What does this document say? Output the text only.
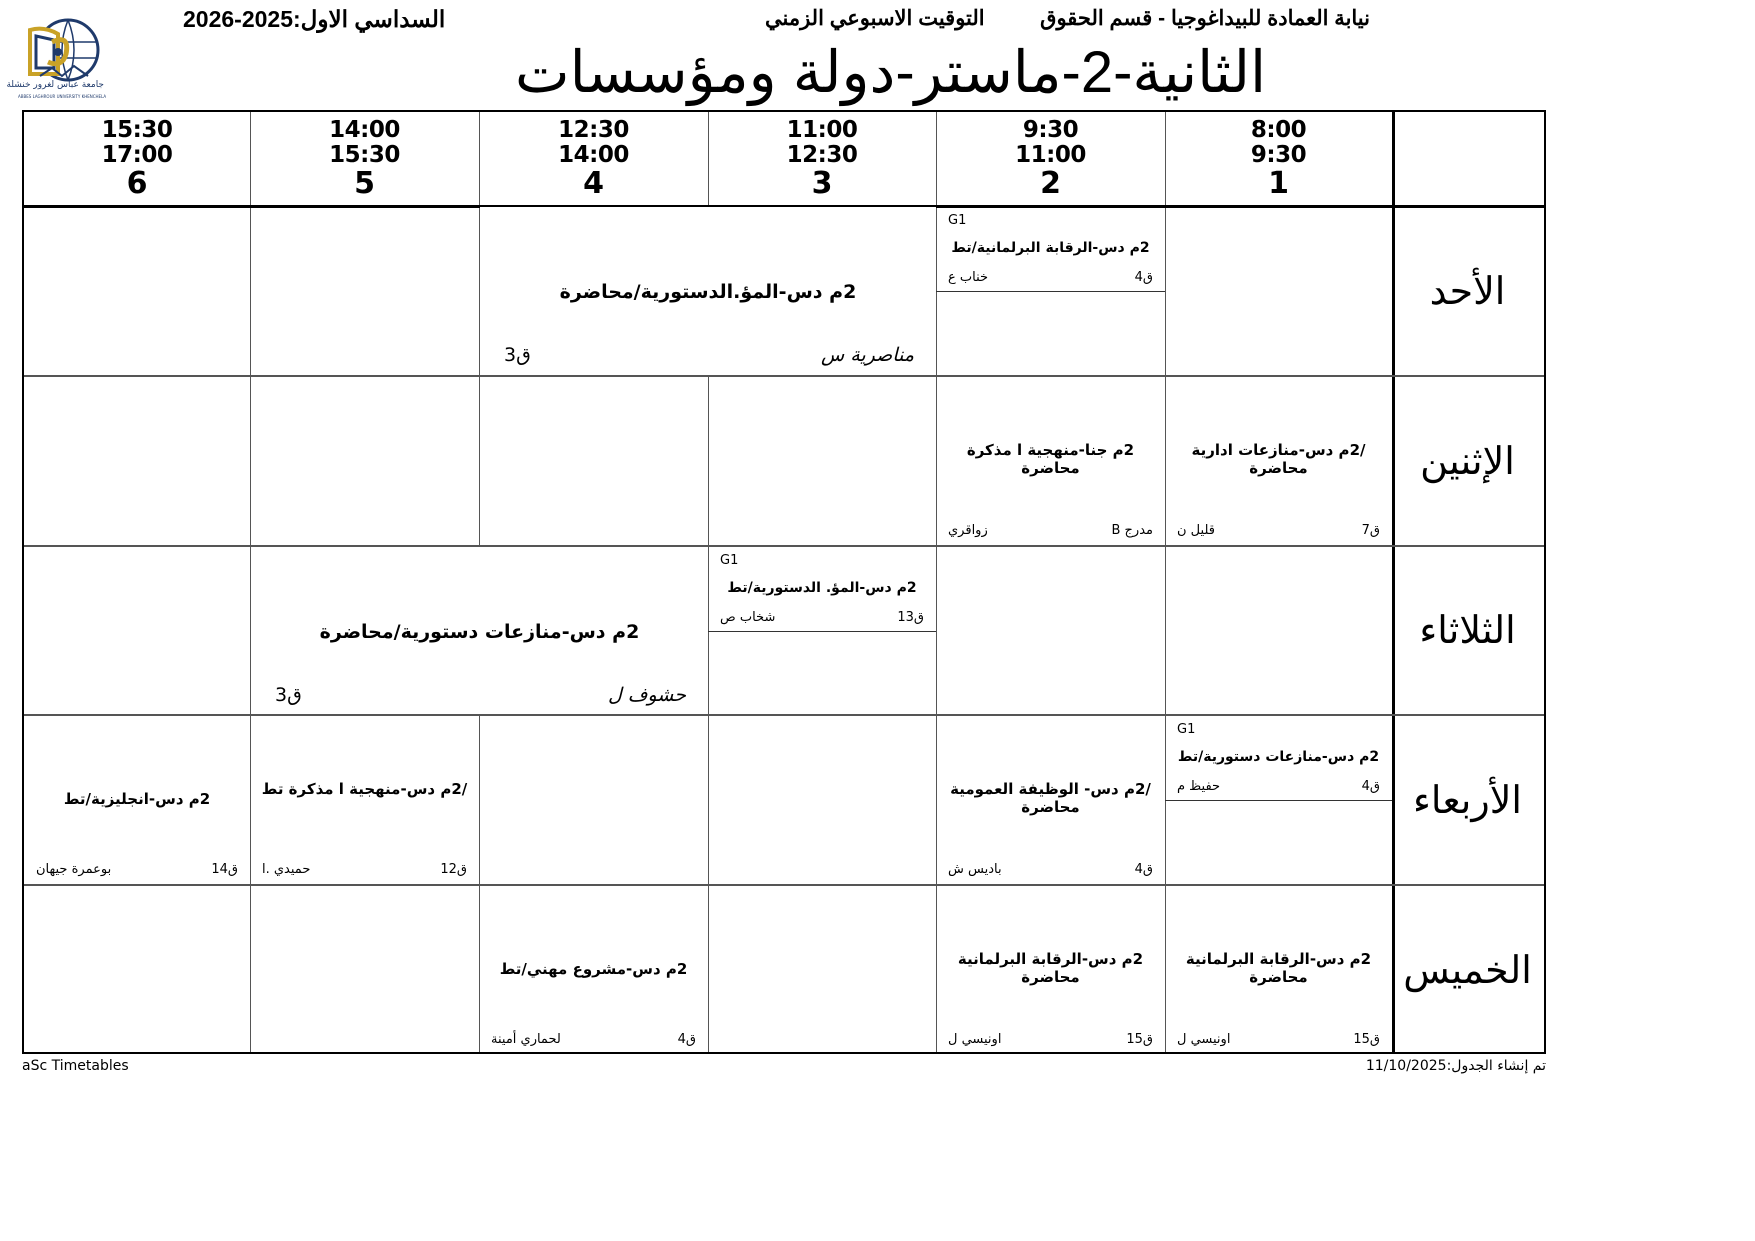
جامعة عباس لغرور خنشلة
ABBES LAGHROUR UNIVERSITY KHENCHELA
نيابة العمادة للبيداغوجيا - قسم الحقوق
التوقيت الاسبوعي الزمني
السداسي الاول:2025-2026
الثانية-2-ماستر-دولة ومؤسسات
8:00
9:30
1
9:30
11:00
2
11:00
12:30
3
12:30
14:00
4
14:00
15:30
5
15:30
17:00
6
الأحد
الإثنين
الثلاثاء
الأربعاء
الخميس
G1
2م دس-الرقابة البرلمانية/تط
ق4
خناب ع
2م دس-المؤ.الدستورية/محاضرة
مناصرية س
ق3
/2م دس-منازعات ادارية محاضرة
ق7
قليل ن
2م جنا-منهجية ا مذكرة محاضرة
مدرج B
زواقري
G1
2م دس-المؤ. الدستورية/تط
ق13
شخاب ص
2م دس-منازعات دستورية/محاضرة
حشوف ل
ق3
G1
2م دس-منازعات دستورية/تط
ق4
حفيظ م
/2م دس- الوظيفة العمومية محاضرة
ق4
باديس ش
/2م دس-منهجية ا مذكرة تط
ق12
حميدي .ا
2م دس-انجليزية/تط
ق14
بوعمرة جيهان
2م دس-الرقابة البرلمانية محاضرة
ق15
اونيسي ل
2م دس-الرقابة البرلمانية محاضرة
ق15
اونيسي ل
2م دس-مشروع مهني/تط
ق4
لحماري أمينة
aSc Timetables	تم إنشاء الجدول:11/10/2025
